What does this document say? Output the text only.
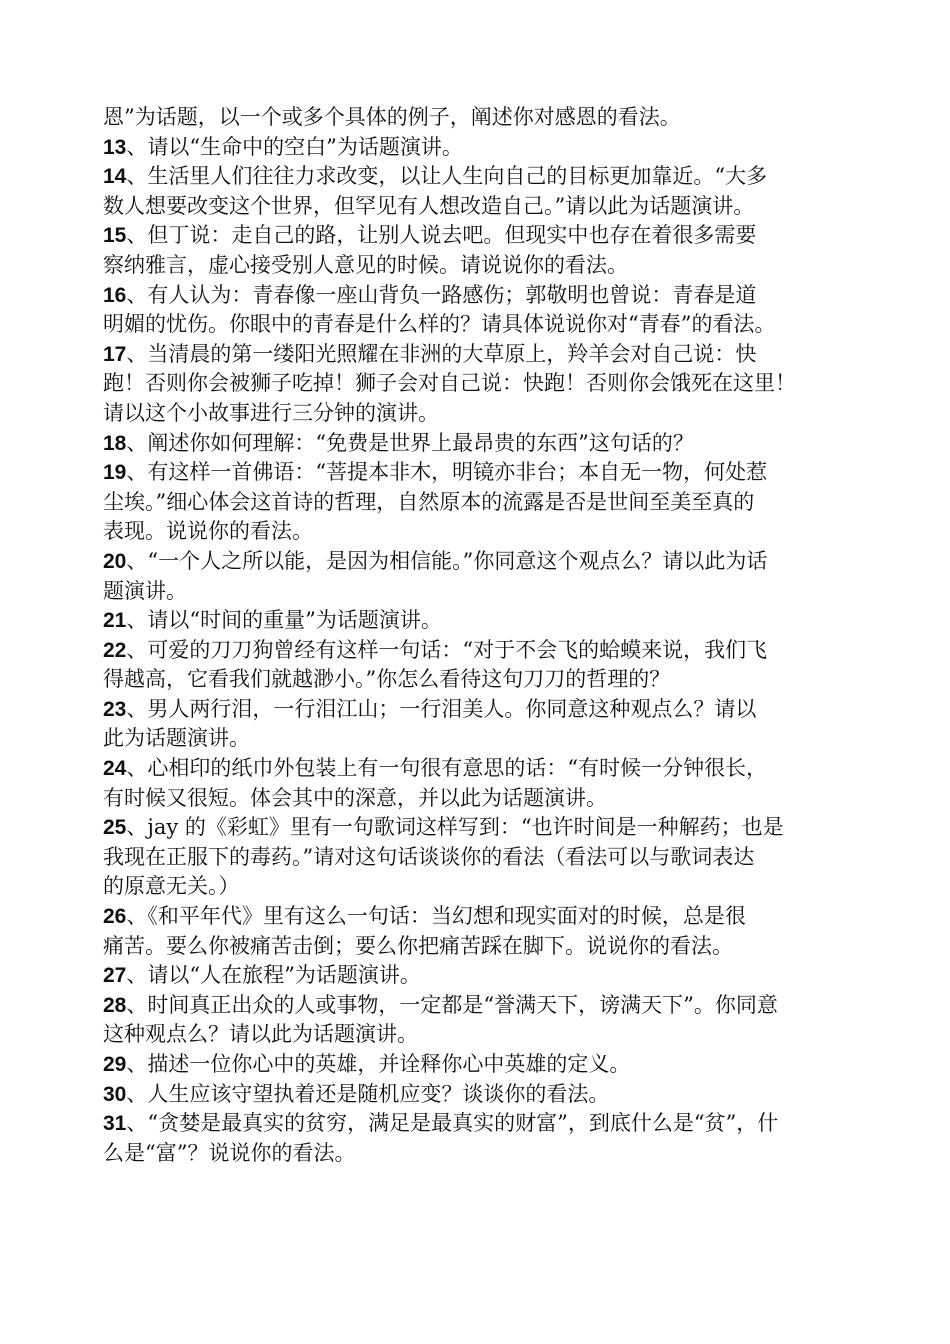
恩”为话题，以一个或多个具体的例子，阐述你对感恩的看法。

13、请以“生命中的空白”为话题演讲。

14、生活里人们往往力求改变，以让人生向自己的目标更加靠近。“大多
数人想要改变这个世界，但罕见有人想改造自己。”请以此为话题演讲。

15、但丁说：走自己的路，让别人说去吧。但现实中也存在着很多需要
察纳雅言，虚心接受别人意见的时候。请说说你的看法。

16、有人认为：青春像一座山背负一路感伤；郭敬明也曾说：青春是道
明媚的忧伤。你眼中的青春是什么样的？请具体说说你对“青春”的看法。

17、当清晨的第一缕阳光照耀在非洲的大草原上，羚羊会对自己说：快
跑！否则你会被狮子吃掉！狮子会对自己说：快跑！否则你会饿死在这里！
请以这个小故事进行三分钟的演讲。

18、阐述你如何理解：“免费是世界上最昂贵的东西”这句话的？

19、有这样一首佛语：“菩提本非木，明镜亦非台；本自无一物，何处惹
尘埃。”细心体会这首诗的哲理，自然原本的流露是否是世间至美至真的
表现。说说你的看法。

20、“一个人之所以能，是因为相信能。”你同意这个观点么？请以此为话
题演讲。

21、请以“时间的重量”为话题演讲。

22、可爱的刀刀狗曾经有这样一句话：“对于不会飞的蛤蟆来说，我们飞
得越高，它看我们就越渺小。”你怎么看待这句刀刀的哲理的？

23、男人两行泪，一行泪江山；一行泪美人。你同意这种观点么？请以
此为话题演讲。

24、心相印的纸巾外包装上有一句很有意思的话：“有时候一分钟很长，
有时候又很短。体会其中的深意，并以此为话题演讲。

25、jay 的《彩虹》里有一句歌词这样写到：“也许时间是一种解药；也是
我现在正服下的毒药。”请对这句话谈谈你的看法（看法可以与歌词表达
的原意无关。）

26、《和平年代》里有这么一句话：当幻想和现实面对的时候，总是很
痛苦。要么你被痛苦击倒；要么你把痛苦踩在脚下。说说你的看法。

27、请以“人在旅程”为话题演讲。

28、时间真正出众的人或事物，一定都是“誉满天下，谤满天下”。你同意
这种观点么？请以此为话题演讲。

29、描述一位你心中的英雄，并诠释你心中英雄的定义。

30、人生应该守望执着还是随机应变？谈谈你的看法。

31、“贪婪是最真实的贫穷，满足是最真实的财富”，到底什么是“贫”，什
么是“富”？说说你的看法。
